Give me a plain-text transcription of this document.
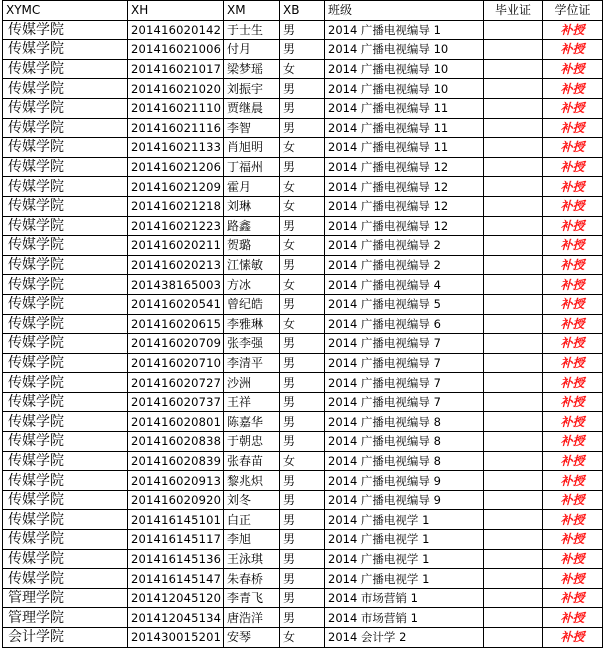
XYMC	XH	XM	XB	班级	毕业证	学位证
传媒学院	201416020142	于士生	男	2014 广播电视编导 1		补授
传媒学院	201416021006	付月	男	2014 广播电视编导 10		补授
传媒学院	201416021017	梁梦瑶	女	2014 广播电视编导 10		补授
传媒学院	201416021020	刘振宇	男	2014 广播电视编导 10		补授
传媒学院	201416021110	贾继晨	男	2014 广播电视编导 11		补授
传媒学院	201416021116	李智	男	2014 广播电视编导 11		补授
传媒学院	201416021133	肖旭明	女	2014 广播电视编导 11		补授
传媒学院	201416021206	丁福州	男	2014 广播电视编导 12		补授
传媒学院	201416021209	霍月	女	2014 广播电视编导 12		补授
传媒学院	201416021218	刘琳	女	2014 广播电视编导 12		补授
传媒学院	201416021223	路鑫	男	2014 广播电视编导 12		补授
传媒学院	201416020211	贺璐	女	2014 广播电视编导 2		补授
传媒学院	201416020213	江愫敏	男	2014 广播电视编导 2		补授
传媒学院	201438165003	方冰	女	2014 广播电视编导 4		补授
传媒学院	201416020541	曾纪皓	男	2014 广播电视编导 5		补授
传媒学院	201416020615	李雅琳	女	2014 广播电视编导 6		补授
传媒学院	201416020709	张李强	男	2014 广播电视编导 7		补授
传媒学院	201416020710	李清平	男	2014 广播电视编导 7		补授
传媒学院	201416020727	沙洲	男	2014 广播电视编导 7		补授
传媒学院	201416020737	王祥	男	2014 广播电视编导 7		补授
传媒学院	201416020801	陈嘉华	男	2014 广播电视编导 8		补授
传媒学院	201416020838	于朝忠	男	2014 广播电视编导 8		补授
传媒学院	201416020839	张春苗	女	2014 广播电视编导 8		补授
传媒学院	201416020913	黎兆炽	男	2014 广播电视编导 9		补授
传媒学院	201416020920	刘冬	男	2014 广播电视编导 9		补授
传媒学院	201416145101	白正	男	2014 广播电视学 1		补授
传媒学院	201416145117	李旭	男	2014 广播电视学 1		补授
传媒学院	201416145136	王泳琪	男	2014 广播电视学 1		补授
传媒学院	201416145147	朱春桥	男	2014 广播电视学 1		补授
管理学院	201412045120	李青飞	男	2014 市场营销 1		补授
管理学院	201412045134	唐浩洋	男	2014 市场营销 1		补授
会计学院	201430015201	安琴	女	2014 会计学 2		补授
